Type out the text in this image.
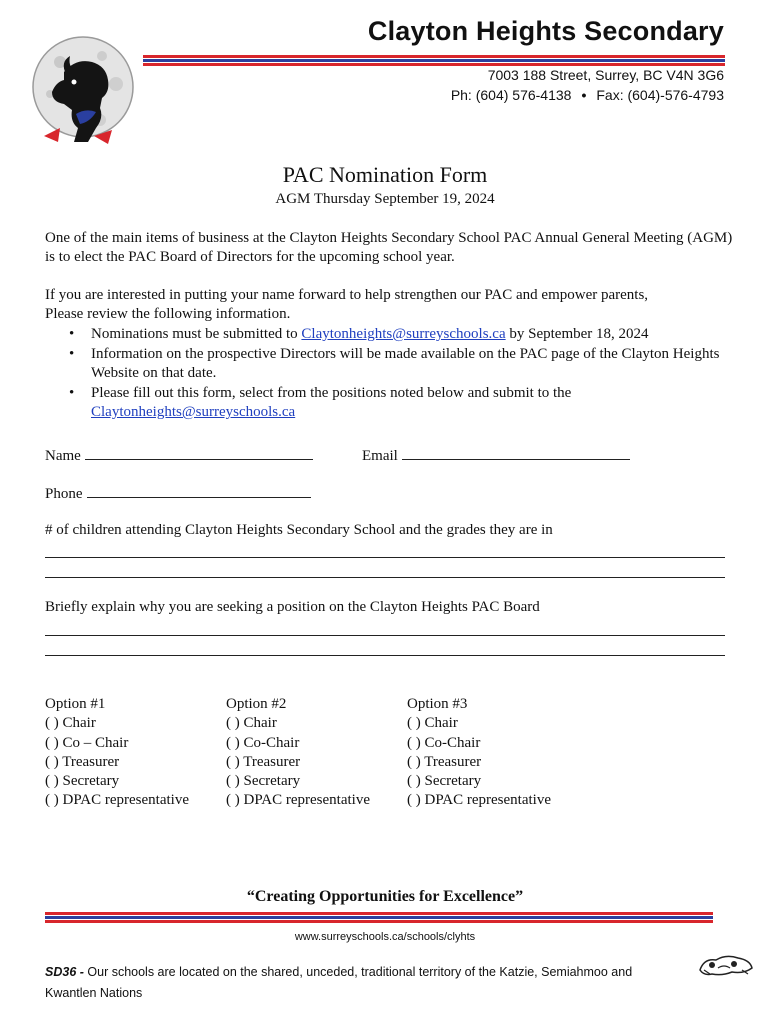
Clayton Heights Secondary
7003 188 Street, Surrey, BC V4N 3G6
Ph: (604) 576-4138 • Fax: (604)-576-4793
PAC Nomination Form
AGM Thursday September 19, 2024
One of the main items of business at the Clayton Heights Secondary School PAC Annual General Meeting (AGM) is to elect the PAC Board of Directors for the upcoming school year.
If you are interested in putting your name forward to help strengthen our PAC and empower parents,
Please review the following information.
• Nominations must be submitted to Claytonheights@surreyschools.ca by September 18, 2024
• Information on the prospective Directors will be made available on the PAC page of the Clayton Heights Website on that date.
• Please fill out this form, select from the positions noted below and submit to the
Claytonheights@surreyschools.ca
Name	Email
Phone
# of children attending Clayton Heights Secondary School and the grades they are in
Briefly explain why you are seeking a position on the Clayton Heights PAC Board
Option #1
( ) Chair
( ) Co – Chair
( ) Treasurer
( ) Secretary
( ) DPAC representative
Option #2
( ) Chair
( ) Co-Chair
( ) Treasurer
( ) Secretary
( ) DPAC representative
Option #3
( ) Chair
( ) Co-Chair
( ) Treasurer
( ) Secretary
( ) DPAC representative
“Creating Opportunities for Excellence”
www.surreyschools.ca/schools/clyhts
SD36 - Our schools are located on the shared, unceded, traditional territory of the Katzie, Semiahmoo and
Kwantlen Nations
